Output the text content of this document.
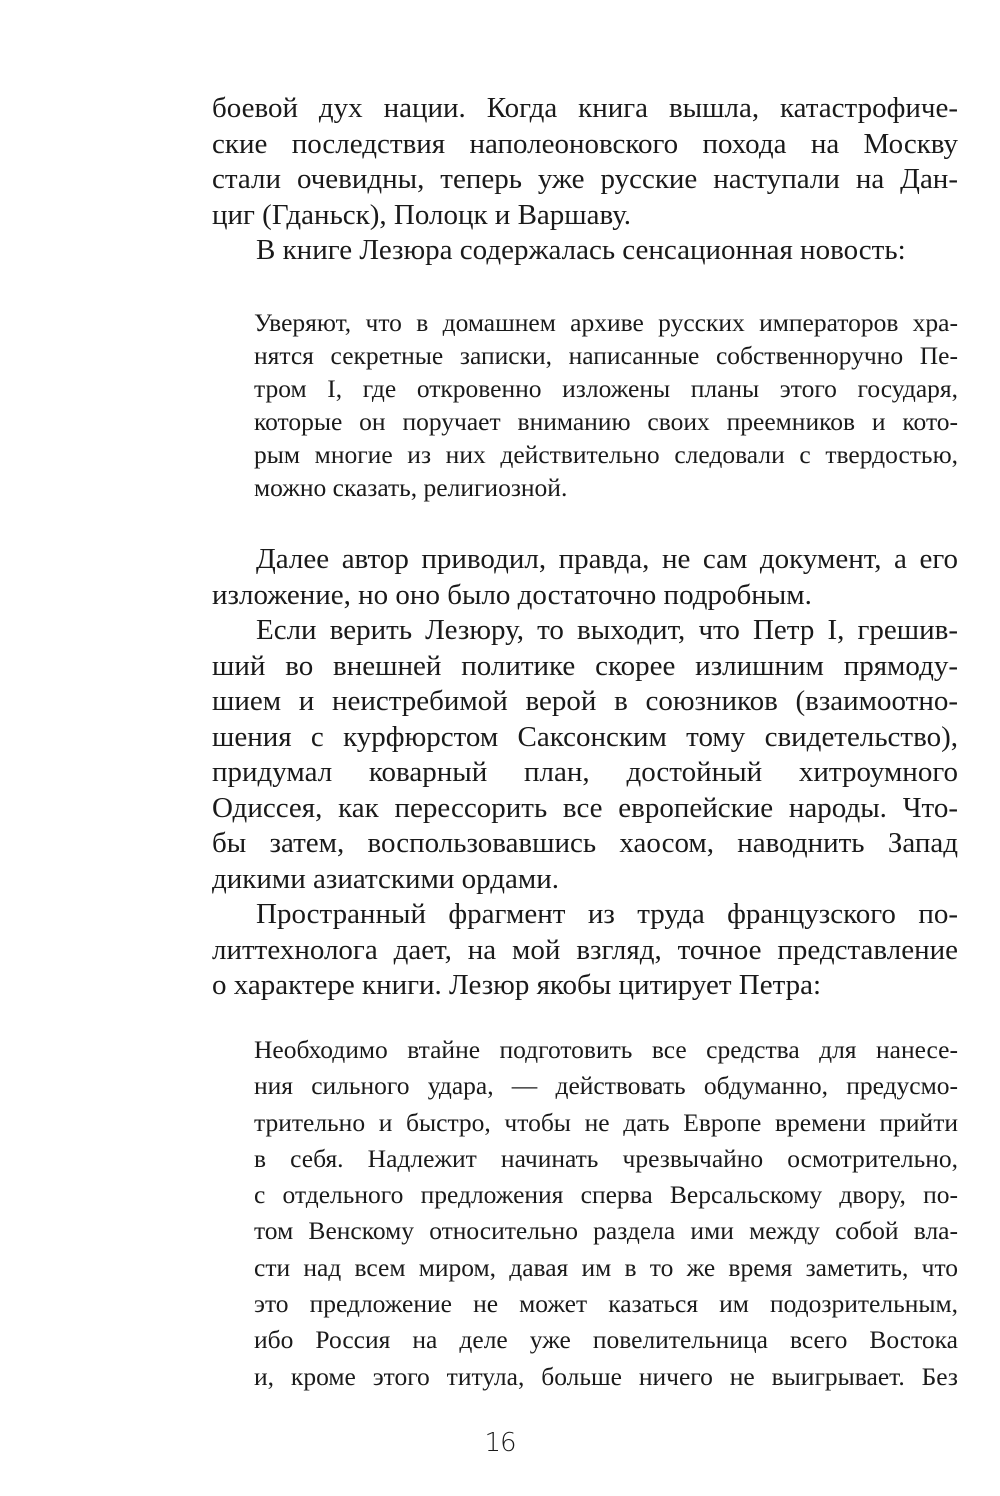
боевой дух нации. Когда книга вышла, катастрофиче-
ские последствия наполеоновского похода на Москву
стали очевидны, теперь уже русские наступали на Дан-
циг (Гданьск), Полоцк и Варшаву.
В книге Лезюра содержалась сенсационная новость:
Уверяют, что в домашнем архиве русских императоров хра-
нятся секретные записки, написанные собственноручно Пе-
тром I, где откровенно изложены планы этого государя,
которые он поручает вниманию своих преемников и кото-
рым многие из них действительно следовали с твердостью,
можно сказать, религиозной.
Далее автор приводил, правда, не сам документ, а его
изложение, но оно было достаточно подробным.
Если верить Лезюру, то выходит, что Петр I, грешив-
ший во внешней политике скорее излишним прямоду-
шием и неистребимой верой в союзников (взаимоотно-
шения с курфюрстом Саксонским тому свидетельство),
придумал коварный план, достойный хитроумного
Одиссея, как перессорить все европейские народы. Что-
бы затем, воспользовавшись хаосом, наводнить Запад
дикими азиатскими ордами.
Пространный фрагмент из труда французского по-
литтехнолога дает, на мой взгляд, точное представление
о характере книги. Лезюр якобы цитирует Петра:
Необходимо втайне подготовить все средства для нанесе-
ния сильного удара, — действовать обдуманно, предусмо-
трительно и быстро, чтобы не дать Европе времени прийти
в себя. Надлежит начинать чрезвычайно осмотрительно,
с отдельного предложения сперва Версальскому двору, по-
том Венскому относительно раздела ими между собой вла-
сти над всем миром, давая им в то же время заметить, что
это предложение не может казаться им подозрительным,
ибо Россия на деле уже повелительница всего Востока
и, кроме этого титула, больше ничего не выигрывает. Без
16
